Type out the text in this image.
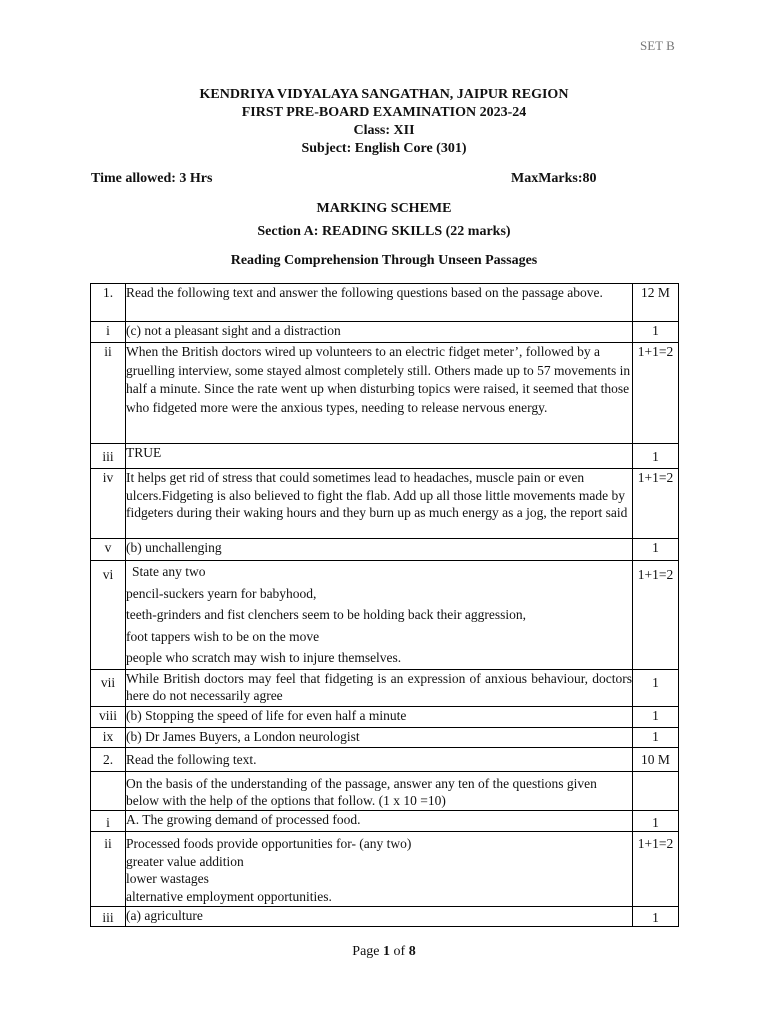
SET B
KENDRIYA VIDYALAYA SANGATHAN, JAIPUR REGION
FIRST PRE-BOARD EXAMINATION 2023-24
Class: XII
Subject: English Core (301)
Time allowed: 3 Hrs	MaxMarks:80
MARKING SCHEME
Section A: READING SKILLS (22 marks)
Reading Comprehension Through Unseen Passages
1.	Read the following text and answer the following questions based on the passage above.	12 M
i	(c) not a pleasant sight and a distraction	1
ii	When the British doctors wired up volunteers to an electric fidget meter’, followed by a gruelling interview, some stayed almost completely still. Others made up to 57 movements in half a minute. Since the rate went up when disturbing topics were raised, it seemed that those who fidgeted more were the anxious types, needing to release nervous energy.	1+1=2
iii	TRUE	1
iv	It helps get rid of stress that could sometimes lead to headaches, muscle pain or even ulcers.Fidgeting is also believed to fight the flab. Add up all those little movements made by fidgeters during their waking hours and they burn up as much energy as a jog, the report said	1+1=2
v	(b) unchallenging	1
vi	State any two
pencil-suckers yearn for babyhood,
teeth-grinders and fist clenchers seem to be holding back their aggression,
foot tappers wish to be on the move
people who scratch may wish to injure themselves.	1+1=2
vii	While British doctors may feel that fidgeting is an expression of anxious behaviour, doctors here do not necessarily agree	1
viii	(b) Stopping the speed of life for even half a minute	1
ix	(b) Dr James Buyers, a London neurologist	1
2.	Read the following text.	10 M
	On the basis of the understanding of the passage, answer any ten of the questions given below with the help of the options that follow. (1 x 10 =10)	
i	A. The growing demand of processed food.	1
ii	Processed foods provide opportunities for- (any two)
greater value addition
lower wastages
alternative employment opportunities.	1+1=2
iii	(a) agriculture	1
Page 1 of 8
